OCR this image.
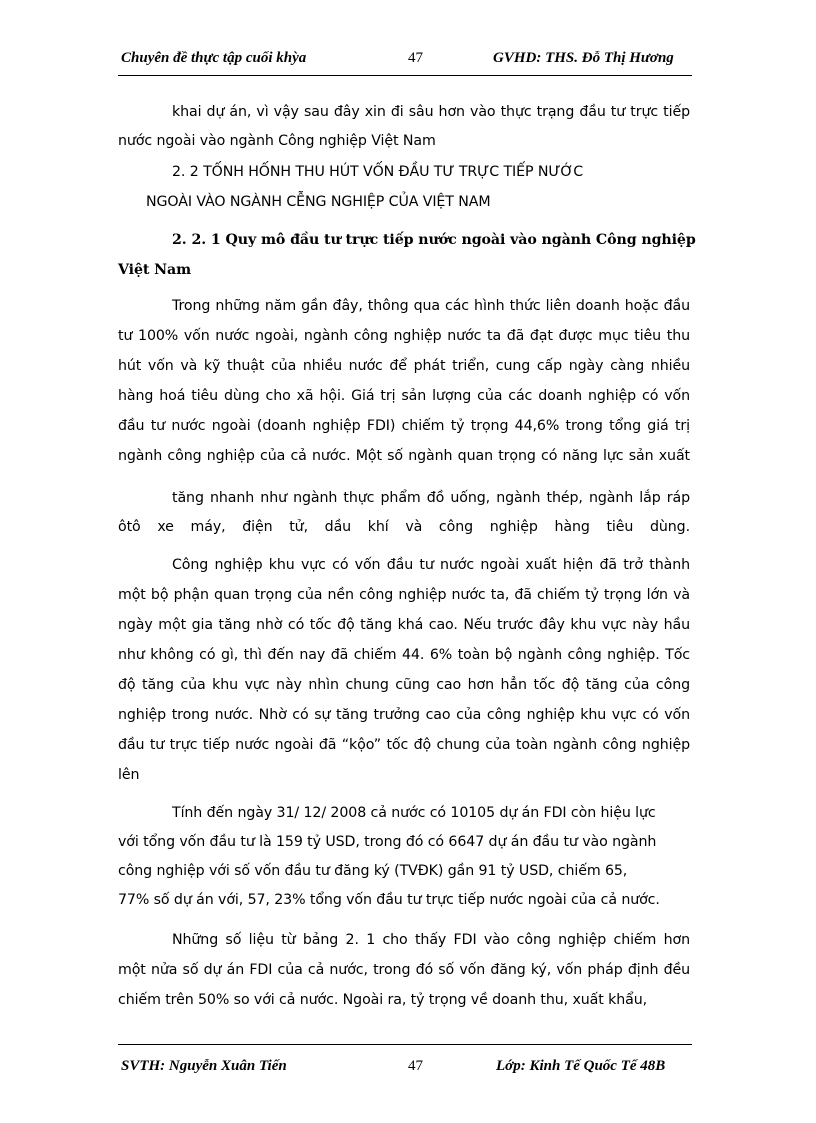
Chuyên đề thực tập cuối khỳa	47	GVHD: THS. Đỗ Thị Hương
khai dự án, vì vậy sau đây xin đi sâu hơn vào thực trạng đầu tư trực tiếp
nước ngoài vào ngành Công nghiệp Việt Nam
2. 2 TỐNH HỐNH THU HÚT VỐN ĐẦU TƯ TRỰC TIẾP NƯỚC
NGOÀI VÀO NGÀNH CỄNG NGHIỆP CỦA VIỆT NAM
2. 2. 1 Quy mô đầu tư trực tiếp nước ngoài vào ngành Công nghiệp
Việt Nam
Trong những năm gần đây, thông qua các hình thức liên doanh hoặc đầu
tư 100% vốn nước ngoài, ngành công nghiệp nước ta đã đạt được mục tiêu thu
hút vốn và kỹ thuật của nhiều nước để phát triển, cung cấp ngày càng nhiều
hàng hoá tiêu dùng cho xã hội. Giá trị sản lượng của các doanh nghiệp có vốn
đầu tư nước ngoài (doanh nghiệp FDI) chiếm tỷ trọng 44,6% trong tổng giá trị
ngành công nghiệp của cả nước. Một số ngành quan trọng có năng lực sản xuất
tăng nhanh như ngành thực phẩm đồ uống, ngành thép, ngành lắp ráp
ôtô xe máy, điện tử, dầu khí và công nghiệp hàng tiêu dùng.
Công nghiệp khu vực có vốn đầu tư nước ngoài xuất hiện đã trở thành
một bộ phận quan trọng của nền công nghiệp nước ta, đã chiếm tỷ trọng lớn và
ngày một gia tăng nhờ có tốc độ tăng khá cao. Nếu trước đây khu vực này hầu
như không có gì, thì đến nay đã chiếm 44. 6% toàn bộ ngành công nghiệp. Tốc
độ tăng của khu vực này nhìn chung cũng cao hơn hẳn tốc độ tăng của công
nghiệp trong nước. Nhờ có sự tăng trưởng cao của công nghiệp khu vực có vốn
đầu tư trực tiếp nước ngoài đã “kộo” tốc độ chung của toàn ngành công nghiệp
lên
Tính đến ngày 31/ 12/ 2008 cả nước có 10105 dự án FDI còn hiệu lực
với tổng vốn đầu tư là 159 tỷ USD, trong đó có 6647 dự án đầu tư vào ngành
công nghiệp với số vốn đầu tư đăng ký (TVĐK) gần 91 tỷ USD, chiếm 65,
77% số dự án với, 57, 23% tổng vốn đầu tư trực tiếp nước ngoài của cả nước.
Những số liệu từ bảng 2. 1 cho thấy FDI vào công nghiệp chiếm hơn
một nửa số dự án FDI của cả nước, trong đó số vốn đăng ký, vốn pháp định đều
chiếm trên 50% so với cả nước. Ngoài ra, tỷ trọng về doanh thu, xuất khẩu,
SVTH: Nguyễn Xuân Tiến	47	Lớp: Kinh Tế Quốc Tế 48B
